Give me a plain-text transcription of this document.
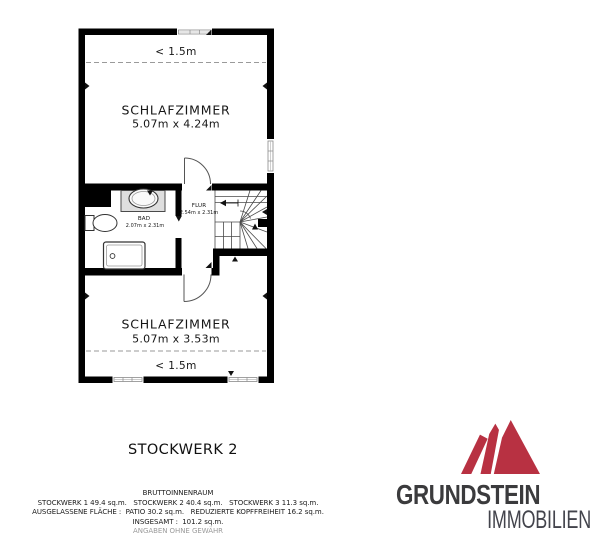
< 1.5m
SCHLAFZIMMER
5.07m x 4.24m
BAD
2.07m x 2.31m
FLUR
2.54m x 2.31m
SCHLAFZIMMER
5.07m x 3.53m
< 1.5m
STOCKWERK 2
BRUTTOINNENRAUM
STOCKWERK 1 49.4 sq.m.   STOCKWERK 2 40.4 sq.m.   STOCKWERK 3 11.3 sq.m.
AUSGELASSENE FLÄCHE :  PATIO 30.2 sq.m.   REDUZIERTE KOPFFREIHEIT 16.2 sq.m.
INSGESAMT :  101.2 sq.m.
ANGABEN OHNE GEWÄHR
GRUNDSTEIN
IMMOBILIEN
